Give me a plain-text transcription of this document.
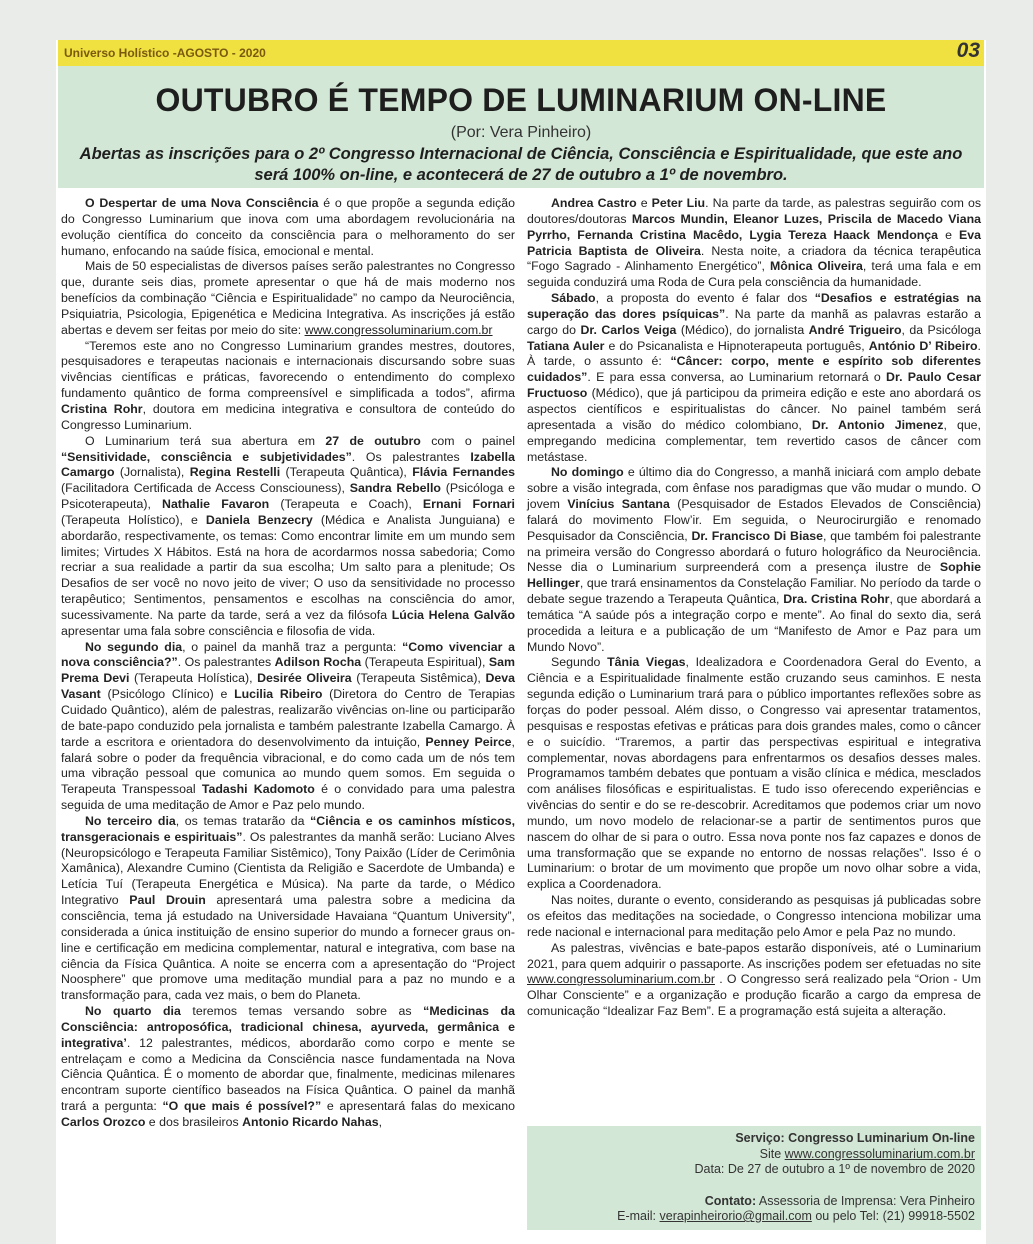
Universo Holístico -AGOSTO - 2020	03
OUTUBRO É TEMPO DE LUMINARIUM ON-LINE
(Por: Vera Pinheiro)
Abertas as inscrições para o 2º Congresso Internacional de Ciência, Consciência e Espiritualidade, que este ano será 100% on-line, e acontecerá de 27 de outubro a 1º de novembro.

O Despertar de uma Nova Consciência é o que propõe a segunda edição do Congresso Luminarium que inova com uma abordagem revolucionária na evolução científica do conceito da consciência para o melhoramento do ser humano, enfocando na saúde física, emocional e mental.

Mais de 50 especialistas de diversos países serão palestrantes no Congresso que, durante seis dias, promete apresentar o que há de mais moderno nos benefícios da combinação “Ciência e Espiritualidade” no campo da Neurociência, Psiquiatria, Psicologia, Epigenética e Medicina Integrativa. As inscrições já estão abertas e devem ser feitas por meio do site: www.congressoluminarium.com.br

“Teremos este ano no Congresso Luminarium grandes mestres, doutores, pesquisadores e terapeutas nacionais e internacionais discursando sobre suas vivências científicas e práticas, favorecendo o entendimento do complexo fundamento quântico de forma compreensível e simplificada a todos”, afirma Cristina Rohr, doutora em medicina integrativa e consultora de conteúdo do Congresso Luminarium.

O Luminarium terá sua abertura em 27 de outubro com o painel “Sensitividade, consciência e subjetividades”. Os palestrantes Izabella Camargo (Jornalista), Regina Restelli (Terapeuta Quântica), Flávia Fernandes (Facilitadora Certificada de Access Consciouness), Sandra Rebello (Psicóloga e Psicoterapeuta), Nathalie Favaron (Terapeuta e Coach), Ernani Fornari (Terapeuta Holístico), e Daniela Benzecry (Médica e Analista Junguiana) e abordarão, respectivamente, os temas: Como encontrar limite em um mundo sem limites; Virtudes X Hábitos. Está na hora de acordarmos nossa sabedoria; Como recriar a sua realidade a partir da sua escolha; Um salto para a plenitude; Os Desafios de ser você no novo jeito de viver; O uso da sensitividade no processo terapêutico; Sentimentos, pensamentos e escolhas na consciência do amor, sucessivamente. Na parte da tarde, será a vez da filósofa Lúcia Helena Galvão apresentar uma fala sobre consciência e filosofia de vida.

No segundo dia, o painel da manhã traz a pergunta: “Como vivenciar a nova consciência?”. Os palestrantes Adilson Rocha (Terapeuta Espiritual), Sam Prema Devi (Terapeuta Holística), Desirée Oliveira (Terapeuta Sistêmica), Deva Vasant (Psicólogo Clínico) e Lucilia Ribeiro (Diretora do Centro de Terapias Cuidado Quântico), além de palestras, realizarão vivências on-line ou participarão de bate-papo conduzido pela jornalista e também palestrante Izabella Camargo. À tarde a escritora e orientadora do desenvolvimento da intuição, Penney Peirce, falará sobre o poder da frequência vibracional, e do como cada um de nós tem uma vibração pessoal que comunica ao mundo quem somos. Em seguida o Terapeuta Transpessoal Tadashi Kadomoto é o convidado para uma palestra seguida de uma meditação de Amor e Paz pelo mundo.

No terceiro dia, os temas tratarão da “Ciência e os caminhos místicos, transgeracionais e espirituais”. Os palestrantes da manhã serão: Luciano Alves (Neuropsicólogo e Terapeuta Familiar Sistêmico), Tony Paixão (Líder de Cerimônia Xamânica), Alexandre Cumino (Cientista da Religião e Sacerdote de Umbanda) e Letícia Tuí (Terapeuta Energética e Música). Na parte da tarde, o Médico Integrativo Paul Drouin apresentará uma palestra sobre a medicina da consciência, tema já estudado na Universidade Havaiana “Quantum University”, considerada a única instituição de ensino superior do mundo a fornecer graus on-line e certificação em medicina complementar, natural e integrativa, com base na ciência da Física Quântica. A noite se encerra com a apresentação do “Project Noosphere” que promove uma meditação mundial para a paz no mundo e a transformação para, cada vez mais, o bem do Planeta.

No quarto dia teremos temas versando sobre as “Medicinas da Consciência: antroposófica, tradicional chinesa, ayurveda, germânica e integrativa’. 12 palestrantes, médicos, abordarão como corpo e mente se entrelaçam e como a Medicina da Consciência nasce fundamentada na Nova Ciência Quântica. É o momento de abordar que, finalmente, medicinas milenares encontram suporte científico baseados na Física Quântica. O painel da manhã trará a pergunta: “O que mais é possível?” e apresentará falas do mexicano Carlos Orozco e dos brasileiros Antonio Ricardo Nahas,

Andrea Castro e Peter Liu. Na parte da tarde, as palestras seguirão com os doutores/doutoras Marcos Mundin, Eleanor Luzes, Priscila de Macedo Viana Pyrrho, Fernanda Cristina Macêdo, Lygia Tereza Haack Mendonça e Eva Patricia Baptista de Oliveira. Nesta noite, a criadora da técnica terapêutica “Fogo Sagrado - Alinhamento Energético”, Mônica Oliveira, terá uma fala e em seguida conduzirá uma Roda de Cura pela consciência da humanidade.

Sábado, a proposta do evento é falar dos “Desafios e estratégias na superação das dores psíquicas”. Na parte da manhã as palavras estarão a cargo do Dr. Carlos Veiga (Médico), do jornalista André Trigueiro, da Psicóloga Tatiana Auler e do Psicanalista e Hipnoterapeuta português, António D’ Ribeiro. À tarde, o assunto é: “Câncer: corpo, mente e espírito sob diferentes cuidados”. E para essa conversa, ao Luminarium retornará o Dr. Paulo Cesar Fructuoso (Médico), que já participou da primeira edição e este ano abordará os aspectos científicos e espiritualistas do câncer. No painel também será apresentada a visão do médico colombiano, Dr. Antonio Jimenez, que, empregando medicina complementar, tem revertido casos de câncer com metástase.

No domingo e último dia do Congresso, a manhã iniciará com amplo debate sobre a visão integrada, com ênfase nos paradigmas que vão mudar o mundo. O jovem Vinícius Santana (Pesquisador de Estados Elevados de Consciência) falará do movimento Flow’ir. Em seguida, o Neurocirurgião e renomado Pesquisador da Consciência, Dr. Francisco Di Biase, que também foi palestrante na primeira versão do Congresso abordará o futuro holográfico da Neurociência. Nesse dia o Luminarium surpreenderá com a presença ilustre de Sophie Hellinger, que trará ensinamentos da Constelação Familiar. No período da tarde o debate segue trazendo a Terapeuta Quântica, Dra. Cristina Rohr, que abordará a temática “A saúde pós a integração corpo e mente”. Ao final do sexto dia, será procedida a leitura e a publicação de um “Manifesto de Amor e Paz para um Mundo Novo”.

Segundo Tânia Viegas, Idealizadora e Coordenadora Geral do Evento, a Ciência e a Espiritualidade finalmente estão cruzando seus caminhos. E nesta segunda edição o Luminarium trará para o público importantes reflexões sobre as forças do poder pessoal. Além disso, o Congresso vai apresentar tratamentos, pesquisas e respostas efetivas e práticas para dois grandes males, como o câncer e o suicídio. “Traremos, a partir das perspectivas espiritual e integrativa complementar, novas abordagens para enfrentarmos os desafios desses males. Programamos também debates que pontuam a visão clínica e médica, mesclados com análises filosóficas e espiritualistas. E tudo isso oferecendo experiências e vivências do sentir e do se re-descobrir. Acreditamos que podemos criar um novo mundo, um novo modelo de relacionar-se a partir de sentimentos puros que nascem do olhar de si para o outro. Essa nova ponte nos faz capazes e donos de uma transformação que se expande no entorno de nossas relações”. Isso é o Luminarium: o brotar de um movimento que propõe um novo olhar sobre a vida, explica a Coordenadora.

Nas noites, durante o evento, considerando as pesquisas já publicadas sobre os efeitos das meditações na sociedade, o Congresso intenciona mobilizar uma rede nacional e internacional para meditação pelo Amor e pela Paz no mundo.

As palestras, vivências e bate-papos estarão disponíveis, até o Luminarium 2021, para quem adquirir o passaporte. As inscrições podem ser efetuadas no site www.congressoluminarium.com.br . O Congresso será realizado pela “Orion - Um Olhar Consciente” e a organização e produção ficarão a cargo da empresa de comunicação “Idealizar Faz Bem”. E a programação está sujeita a alteração.

Serviço: Congresso Luminarium On-line
Site www.congressoluminarium.com.br
Data: De 27 de outubro a 1º de novembro de 2020
Contato: Assessoria de Imprensa: Vera Pinheiro
E-mail: verapinheirorio@gmail.com ou pelo Tel: (21) 99918-5502
